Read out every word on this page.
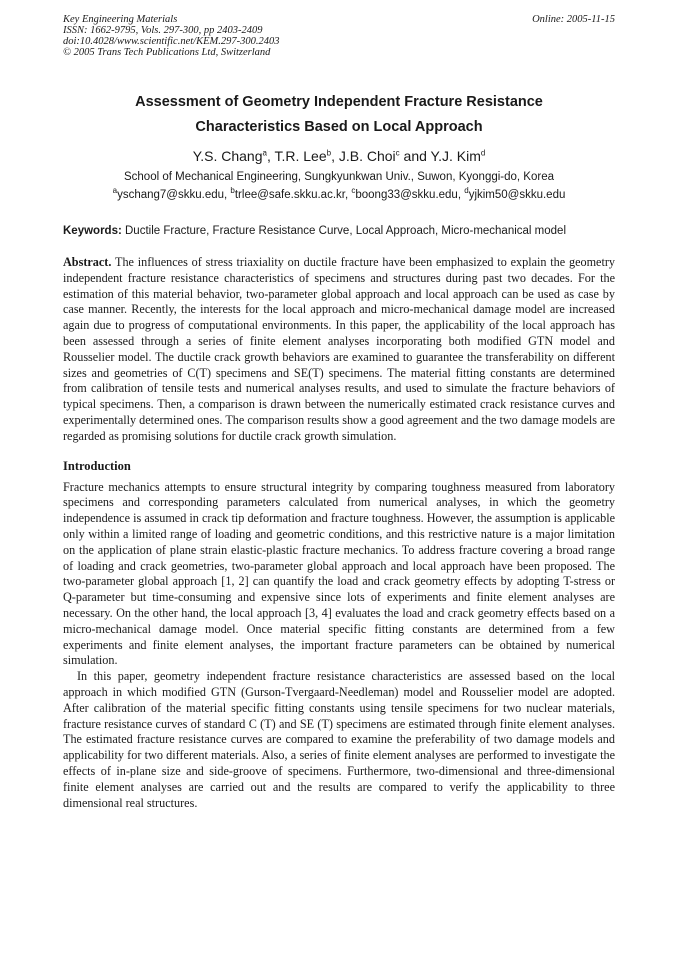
Key Engineering Materials
ISSN: 1662-9795, Vols. 297-300, pp 2403-2409
doi:10.4028/www.scientific.net/KEM.297-300.2403
© 2005 Trans Tech Publications Ltd, Switzerland
Online: 2005-11-15
Assessment of Geometry Independent Fracture Resistance
Characteristics Based on Local Approach
Y.S. Chang$^a$, T.R. Lee$^b$, J.B. Choi$^c$ and Y.J. Kim$^d$
School of Mechanical Engineering, Sungkyunkwan Univ., Suwon, Kyonggi-do, Korea
$^a$yschang7@skku.edu, $^b$trlee@safe.skku.ac.kr, $^c$boong33@skku.edu, $^d$yjkim50@skku.edu
Keywords: Ductile Fracture, Fracture Resistance Curve, Local Approach, Micro-mechanical model
Abstract. The influences of stress triaxiality on ductile fracture have been emphasized to explain the geometry independent fracture resistance characteristics of specimens and structures during past two decades. For the estimation of this material behavior, two-parameter global approach and local approach can be used as case by case manner. Recently, the interests for the local approach and micro-mechanical damage model are increased again due to progress of computational environments. In this paper, the applicability of the local approach has been assessed through a series of finite element analyses incorporating both modified GTN model and Rousselier model. The ductile crack growth behaviors are examined to guarantee the transferability on different sizes and geometries of C(T) specimens and SE(T) specimens. The material fitting constants are determined from calibration of tensile tests and numerical analyses results, and used to simulate the fracture behaviors of typical specimens. Then, a comparison is drawn between the numerically estimated crack resistance curves and experimentally determined ones. The comparison results show a good agreement and the two damage models are regarded as promising solutions for ductile crack growth simulation.
Introduction

Fracture mechanics attempts to ensure structural integrity by comparing toughness measured from laboratory specimens and corresponding parameters calculated from numerical analyses, in which the geometry independence is assumed in crack tip deformation and fracture toughness. However, the assumption is applicable only within a limited range of loading and geometric conditions, and this restrictive nature is a major limitation on the application of plane strain elastic-plastic fracture mechanics. To address fracture covering a broad range of loading and crack geometries, two-parameter global approach and local approach have been proposed. The two-parameter global approach [1, 2] can quantify the load and crack geometry effects by adopting T-stress or Q-parameter but time-consuming and expensive since lots of experiments and finite element analyses are necessary. On the other hand, the local approach [3, 4] evaluates the load and crack geometry effects based on a micro-mechanical damage model. Once material specific fitting constants are determined from a few experiments and finite element analyses, the important fracture parameters can be obtained by numerical simulation.

In this paper, geometry independent fracture resistance characteristics are assessed based on the local approach in which modified GTN (Gurson-Tvergaard-Needleman) model and Rousselier model are adopted. After calibration of the material specific fitting constants using tensile specimens for two nuclear materials, fracture resistance curves of standard C (T) and SE (T) specimens are estimated through finite element analyses. The estimated fracture resistance curves are compared to examine the preferability of two damage models and applicability for two different materials. Also, a series of finite element analyses are performed to investigate the effects of in-plane size and side-groove of specimens. Furthermore, two-dimensional and three-dimensional finite element analyses are carried out and the results are compared to verify the applicability to three dimensional real structures.
